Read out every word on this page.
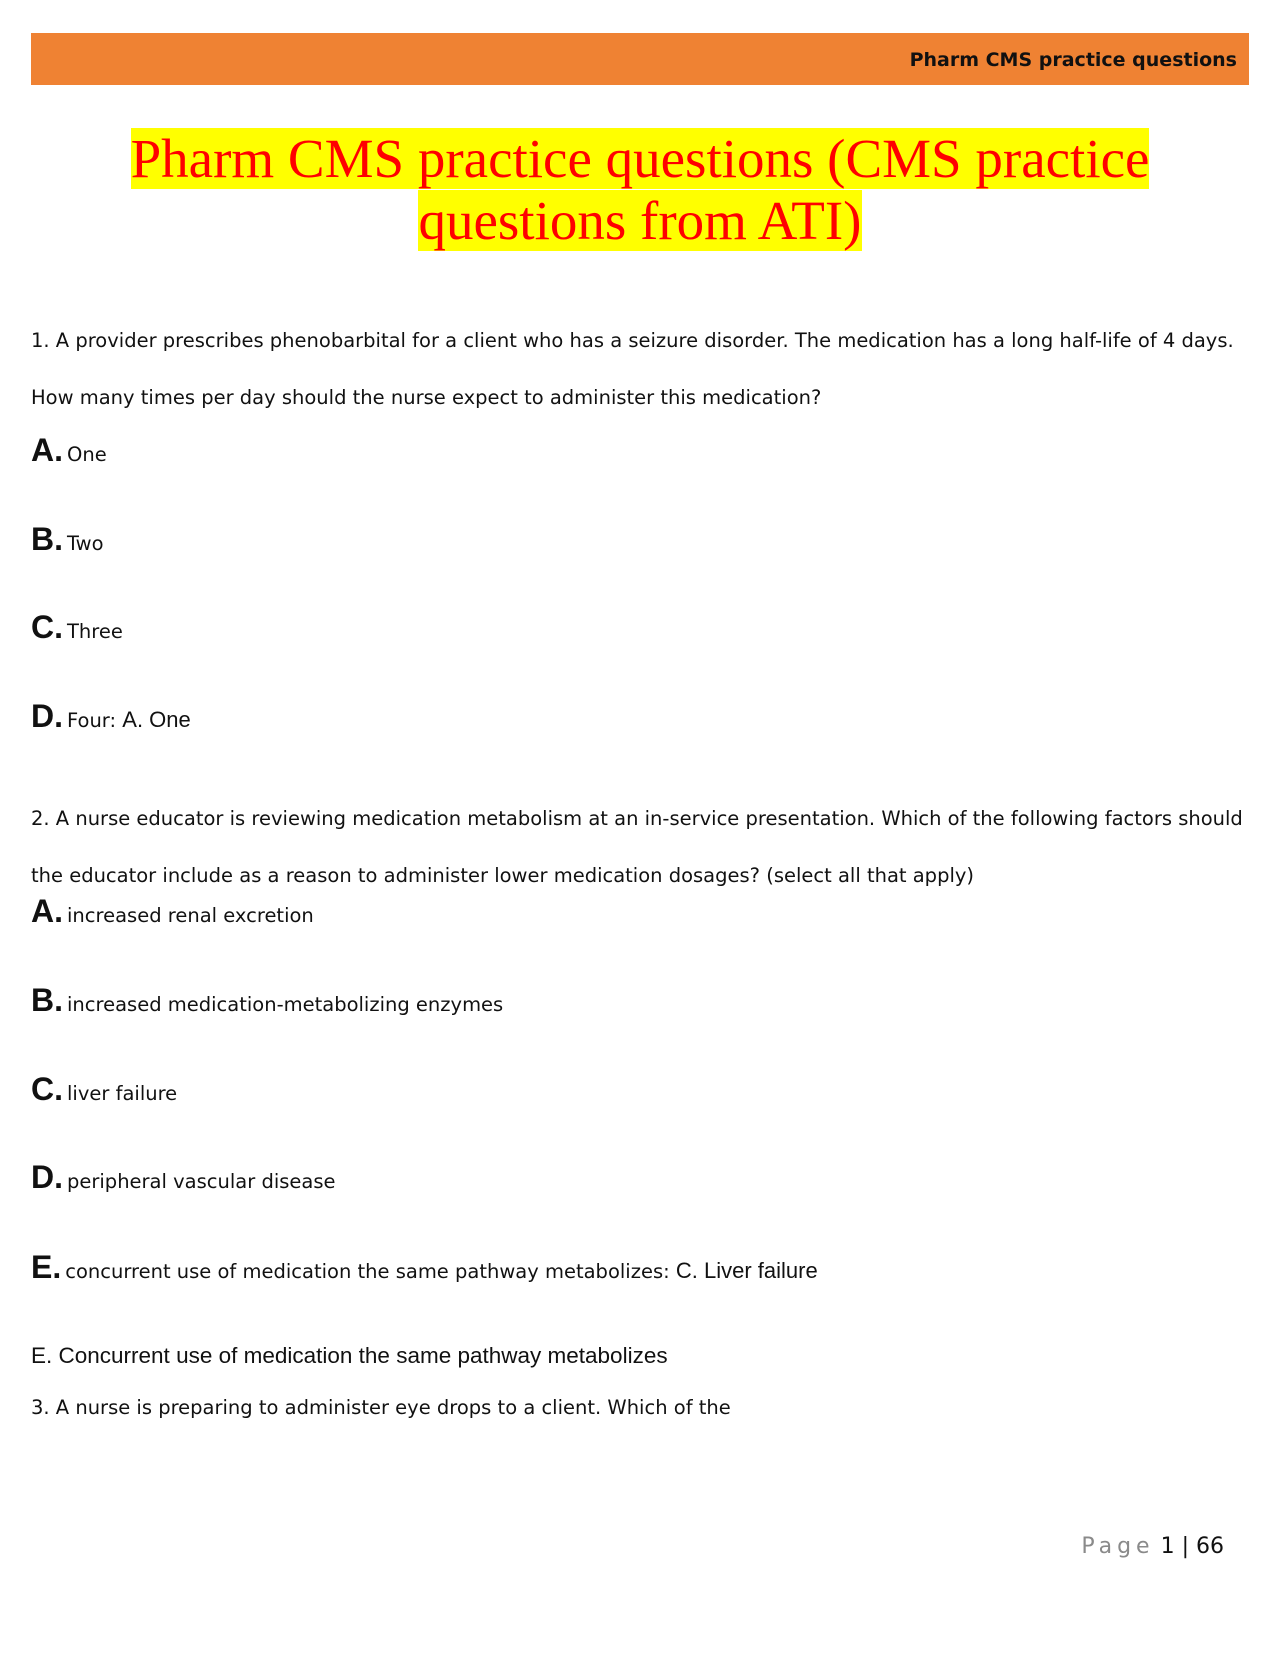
Pharm CMS practice questions
Pharm CMS practice questions (CMS practice
questions from ATI)
1. A provider prescribes phenobarbital for a client who has a seizure disorder. The medication has a long half-life of 4 days. How many times per day should the nurse expect to administer this medication?
A. One
B. Two
C. Three
D. Four: A. One
2. A nurse educator is reviewing medication metabolism at an in-service presentation. Which of the following factors should the educator include as a reason to administer lower medication dosages? (select all that apply)
A. increased renal excretion
B. increased medication-metabolizing enzymes
C. liver failure
D. peripheral vascular disease
E. concurrent use of medication the same pathway metabolizes: C. Liver failure
E. Concurrent use of medication the same pathway metabolizes
3. A nurse is preparing to administer eye drops to a client. Which of the
Page 1 | 66
